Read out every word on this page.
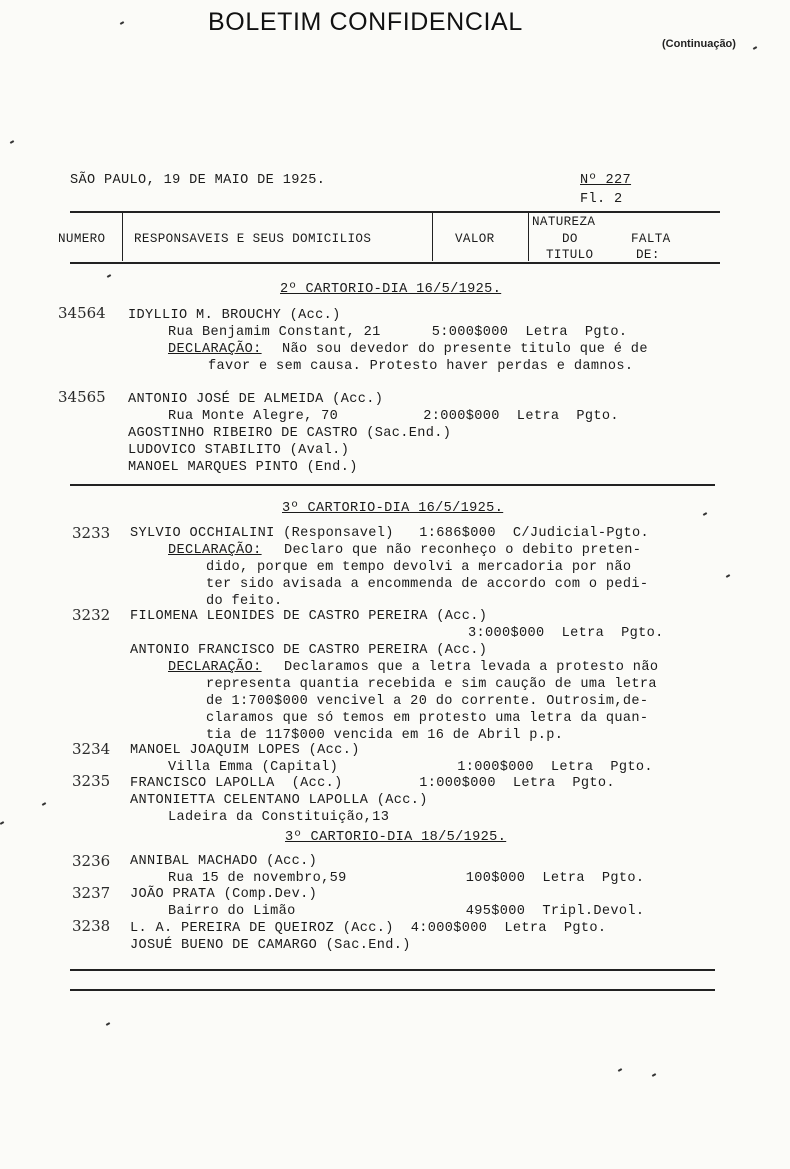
BOLETIM CONFIDENCIAL
(Continuação)
SÃO PAULO, 19 DE MAIO DE 1925.	Nº 227
Fl. 2
NUMERO RESPONSAVEIS E SEUS DOMICILIOS	VALOR
NATUREZA
DO
TITULO
FALTA
DE:
2º CARTORIO-DIA 16/5/1925.
34564 IDYLLIO M. BROUCHY (Acc.)
Rua Benjamim Constant, 21      5:000$000  Letra  Pgto.
DECLARAÇÃO: Não sou devedor do presente titulo que é de
favor e sem causa. Protesto haver perdas e damnos.
34565 ANTONIO JOSÉ DE ALMEIDA (Acc.)
Rua Monte Alegre, 70          2:000$000  Letra  Pgto.
AGOSTINHO RIBEIRO DE CASTRO (Sac.End.)
LUDOVICO STABILITO (Aval.)
MANOEL MARQUES PINTO (End.)
3º CARTORIO-DIA 16/5/1925.
3233 SYLVIO OCCHIALINI (Responsavel)   1:686$000  C/Judicial-Pgto.
DECLARAÇÃO: Declaro que não reconheço o debito preten-
dido, porque em tempo devolvi a mercadoria por não
ter sido avisada a encommenda de accordo com o pedi-
do feito.
3232 FILOMENA LEONIDES DE CASTRO PEREIRA (Acc.)
3:000$000  Letra  Pgto.
ANTONIO FRANCISCO DE CASTRO PEREIRA (Acc.)
DECLARAÇÃO: Declaramos que a letra levada a protesto não
representa quantia recebida e sim caução de uma letra
de 1:700$000 vencivel a 20 do corrente. Outrosim,de-
claramos que só temos em protesto uma letra da quan-
tia de 117$000 vencida em 16 de Abril p.p.
3234 MANOEL JOAQUIM LOPES (Acc.)
Villa Emma (Capital)              1:000$000  Letra  Pgto.
3235 FRANCISCO LAPOLLA  (Acc.)         1:000$000  Letra  Pgto.
ANTONIETTA CELENTANO LAPOLLA (Acc.)
Ladeira da Constituição,13
3º CARTORIO-DIA 18/5/1925.
3236 ANNIBAL MACHADO (Acc.)
Rua 15 de novembro,59              100$000  Letra  Pgto.
3237 JOÃO PRATA (Comp.Dev.)
Bairro do Limão                    495$000  Tripl.Devol.
3238 L. A. PEREIRA DE QUEIROZ (Acc.)  4:000$000  Letra  Pgto.
JOSUÉ BUENO DE CAMARGO (Sac.End.)
